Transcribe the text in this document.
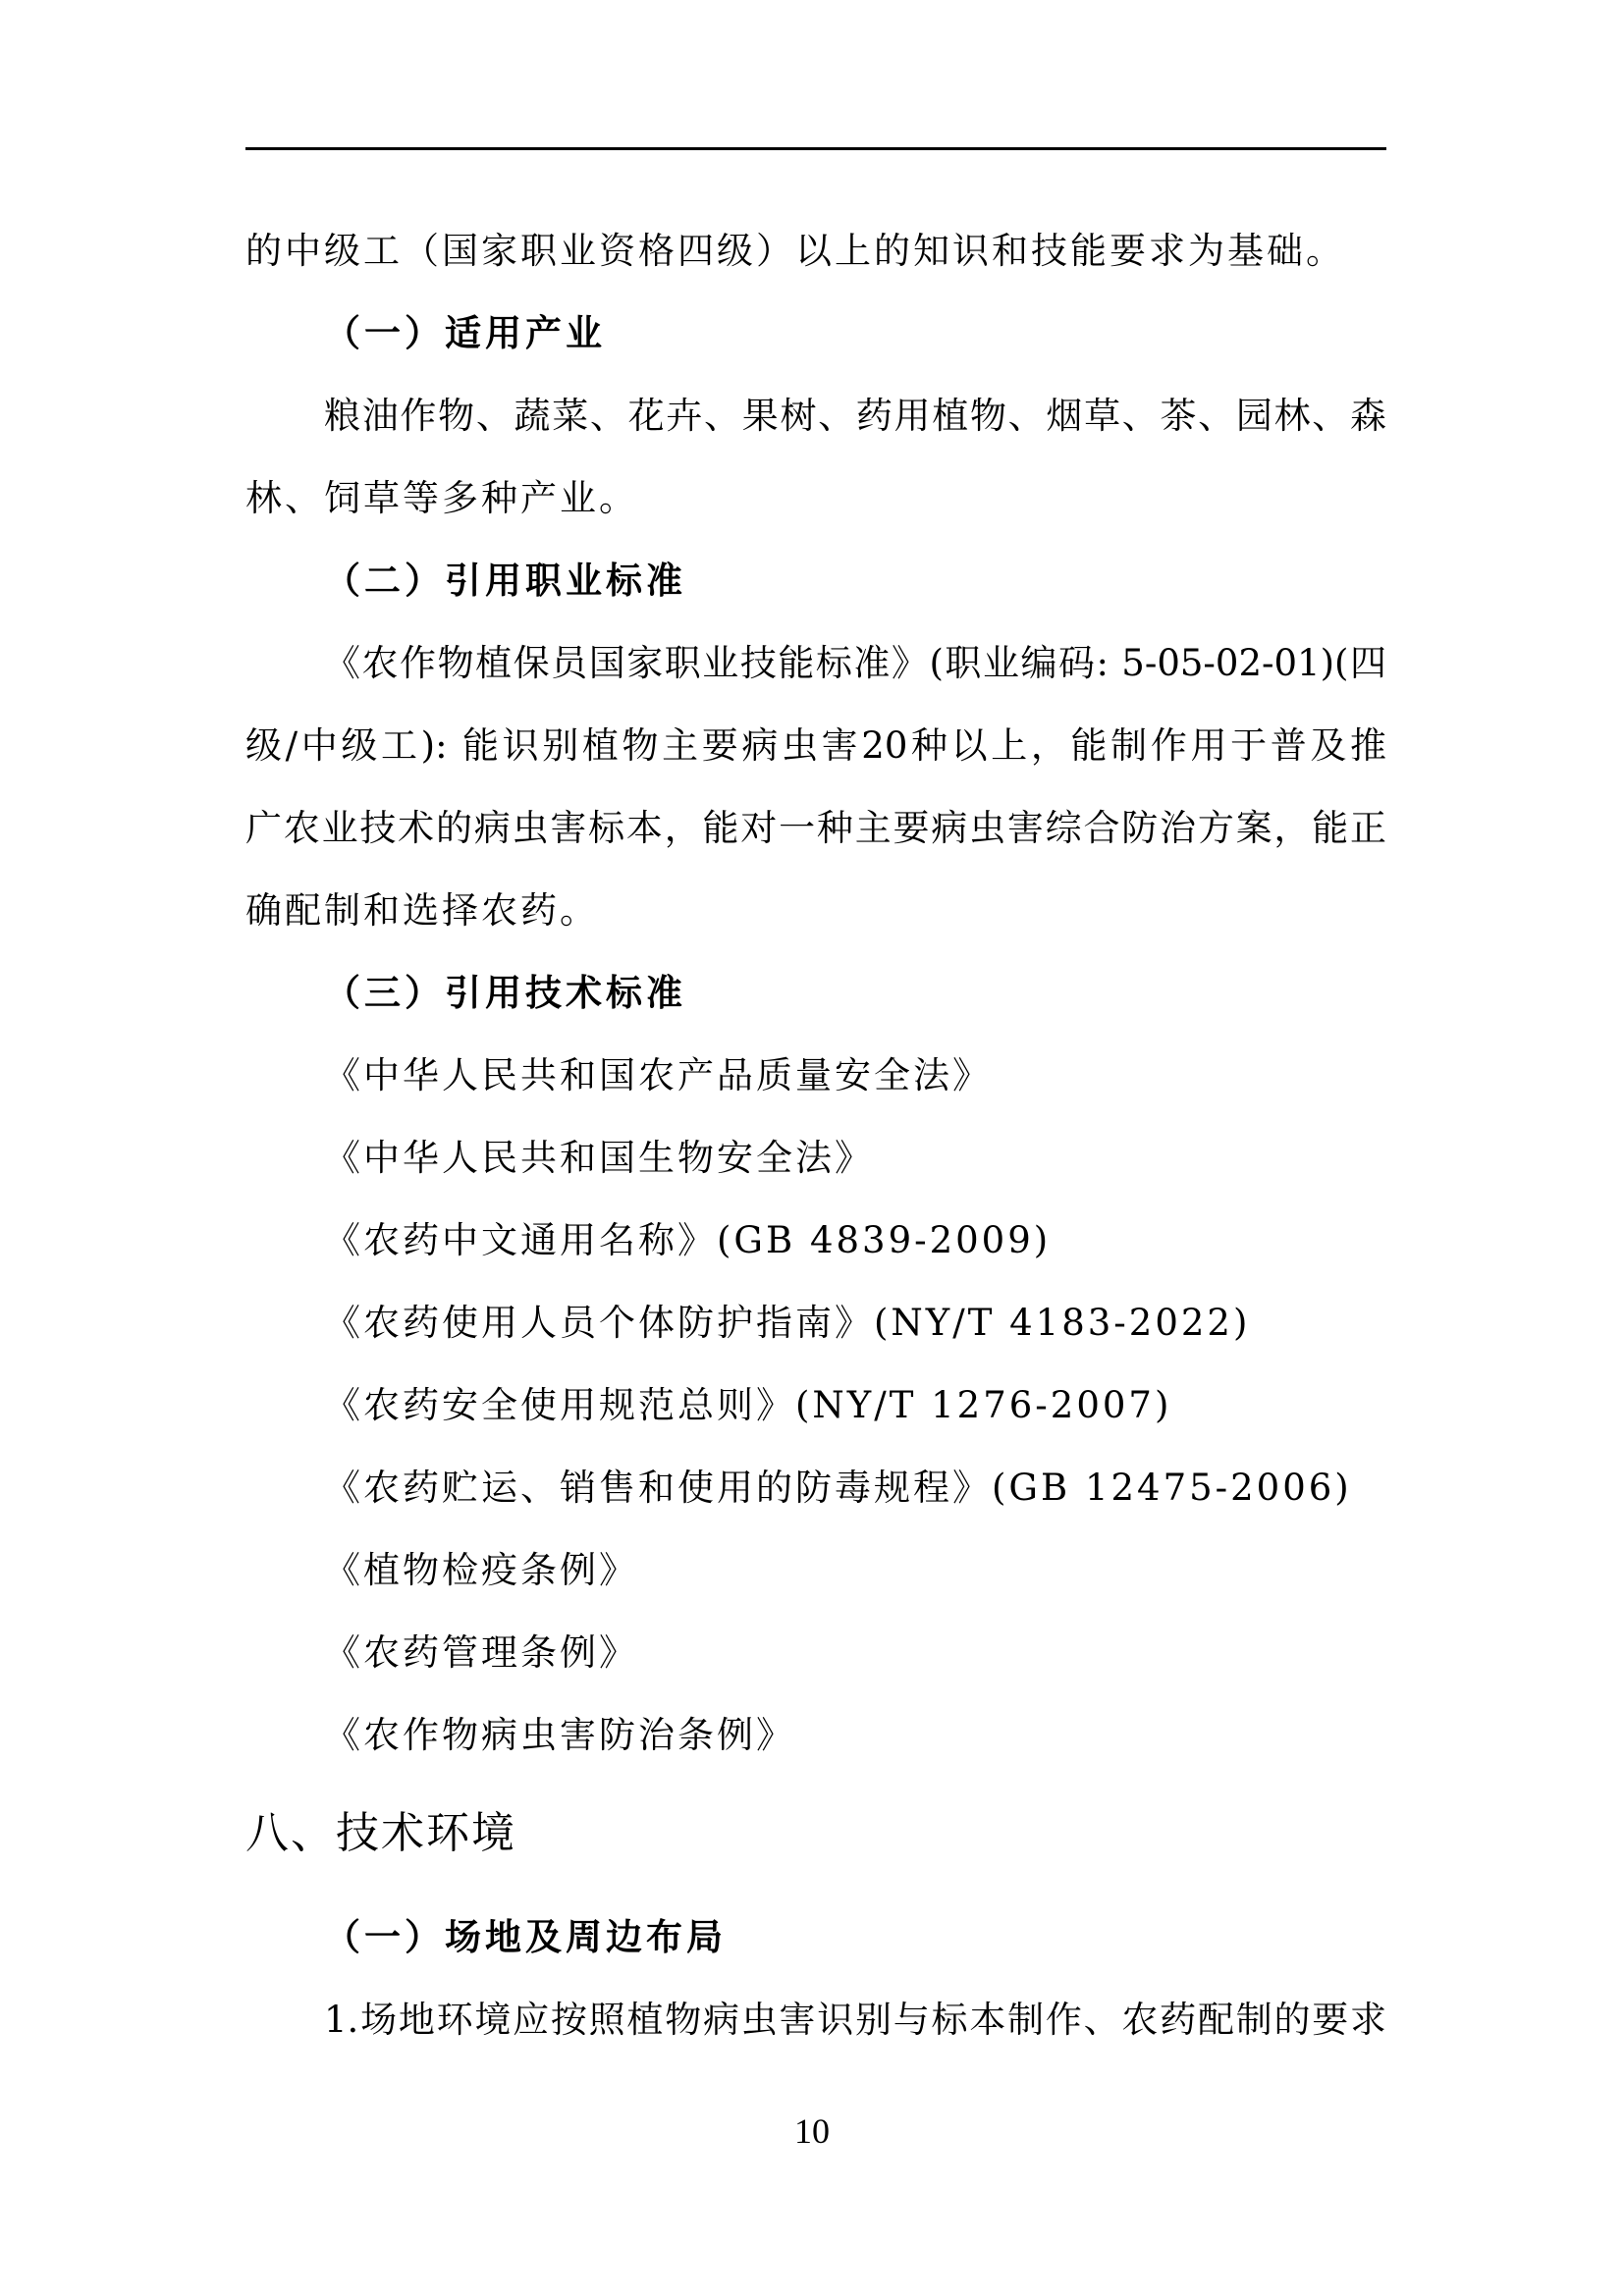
的中级工（国家职业资格四级）以上的知识和技能要求为基础。
（一）适用产业
粮油作物、蔬菜、花卉、果树、药用植物、烟草、茶、园林、森
林、饲草等多种产业。
（二）引用职业标准
《农作物植保员国家职业技能标准》(职业编码: 5-05-02-01)(四
级/中级工): 能识别植物主要病虫害20种以上，能制作用于普及推
广农业技术的病虫害标本，能对一种主要病虫害综合防治方案，能正
确配制和选择农药。
（三）引用技术标准
《中华人民共和国农产品质量安全法》
《中华人民共和国生物安全法》
《农药中文通用名称》(GB 4839-2009)
《农药使用人员个体防护指南》(NY/T 4183-2022)
《农药安全使用规范总则》(NY/T 1276-2007)
《农药贮运、销售和使用的防毒规程》(GB 12475-2006)
《植物检疫条例》
《农药管理条例》
《农作物病虫害防治条例》
八、技术环境
（一）场地及周边布局
1.场地环境应按照植物病虫害识别与标本制作、农药配制的要求
10
